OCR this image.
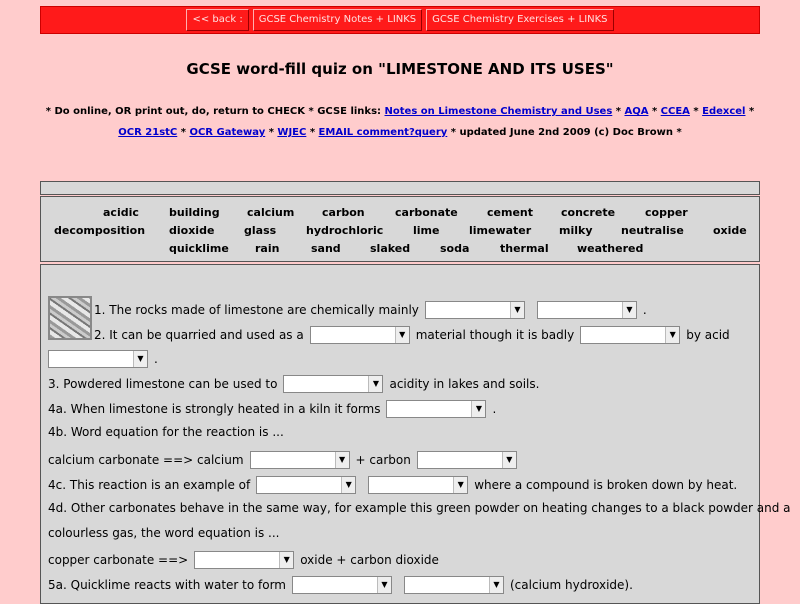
<< back :	GCSE Chemistry Notes + LINKS	GCSE Chemistry Exercises + LINKS
GCSE word-fill quiz on "LIMESTONE AND ITS USES"
* Do online, OR print out, do, return to CHECK * GCSE links: Notes on Limestone Chemistry and Uses * AQA * CCEA * Edexcel * OCR 21stC * OCR Gateway * WJEC * EMAIL comment?query * updated June 2nd 2009 (c) Doc Brown *
acidic	building calcium	carbon	carbonate	cement	concrete	copper
decomposition dioxide	glass	hydrochloric	lime	limewater	milky	neutralise	oxide
quicklime rain	sand	slaked	soda	thermal	weathered
1. The rocks made of limestone are chemically mainly	▼	▼ .
2. It can be quarried and used as a	▼ material though it is badly	▼ by acid
▼ .
3. Powdered limestone can be used to	▼ acidity in lakes and soils.
4a. When limestone is strongly heated in a kiln it forms	▼ .
4b. Word equation for the reaction is ...
calcium carbonate ==> calcium	▼ + carbon	▼
4c. This reaction is an example of	▼	▼ where a compound is broken down by heat.
4d. Other carbonates behave in the same way, for example this green powder on heating changes to a black powder and a
colourless gas, the word equation is ...
copper carbonate ==>	▼ oxide + carbon dioxide
5a. Quicklime reacts with water to form	▼	▼ (calcium hydroxide).
